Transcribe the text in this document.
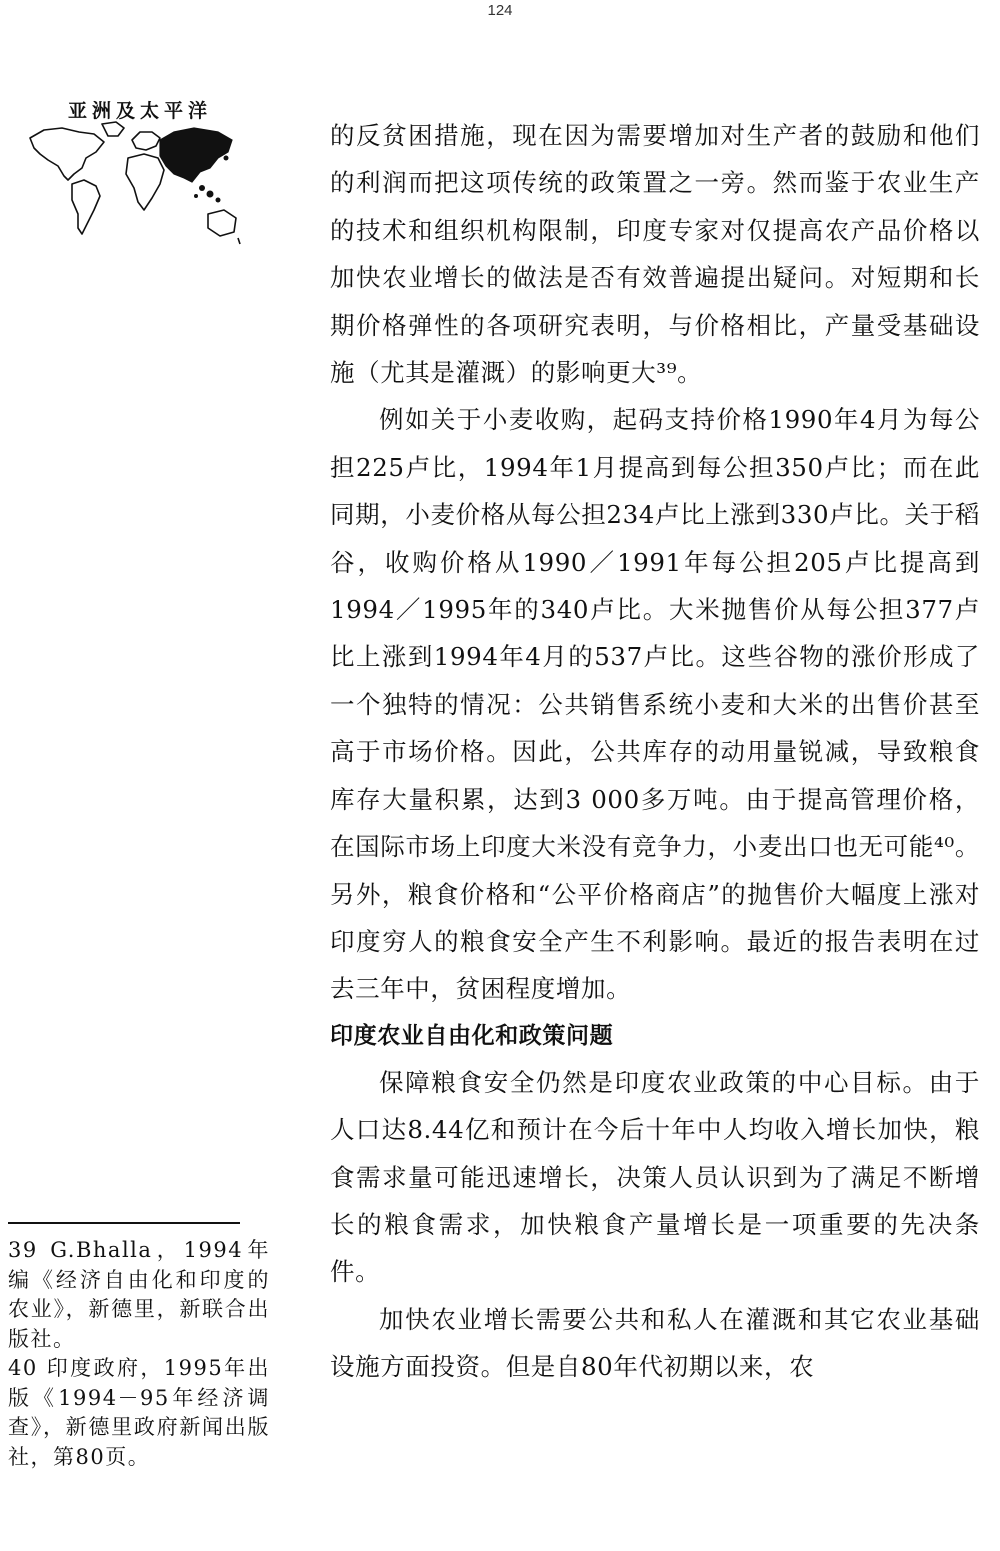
124
亚洲及太平洋

的反贫困措施，现在因为需要增加对生产者的鼓励和他们的利润而把这项传统的政策置之一旁。然而鉴于农业生产的技术和组织机构限制，印度专家对仅提高农产品价格以加快农业增长的做法是否有效普遍提出疑问。对短期和长期价格弹性的各项研究表明，与价格相比，产量受基础设施（尤其是灌溉）的影响更大³⁹。

例如关于小麦收购，起码支持价格1990年4月为每公担225卢比，1994年1月提高到每公担350卢比；而在此同期，小麦价格从每公担234卢比上涨到330卢比。关于稻谷，收购价格从1990／1991年每公担205卢比提高到1994／1995年的340卢比。大米抛售价从每公担377卢比上涨到1994年4月的537卢比。这些谷物的涨价形成了一个独特的情况：公共销售系统小麦和大米的出售价甚至高于市场价格。因此，公共库存的动用量锐减，导致粮食库存大量积累，达到3 000多万吨。由于提高管理价格，在国际市场上印度大米没有竞争力，小麦出口也无可能⁴⁰。另外，粮食价格和“公平价格商店”的抛售价大幅度上涨对印度穷人的粮食安全产生不利影响。最近的报告表明在过去三年中，贫困程度增加。

印度农业自由化和政策问题

保障粮食安全仍然是印度农业政策的中心目标。由于人口达8.44亿和预计在今后十年中人均收入增长加快，粮食需求量可能迅速增长，决策人员认识到为了满足不断增长的粮食需求，加快粮食产量增长是一项重要的先决条件。

加快农业增长需要公共和私人在灌溉和其它农业基础设施方面投资。但是自80年代初期以来，农

39 G.Bhalla，1994年编《经济自由化和印度的农业》，新德里，新联合出版社。
40 印度政府，1995年出版《1994－95年经济调查》，新德里政府新闻出版社，第80页。
